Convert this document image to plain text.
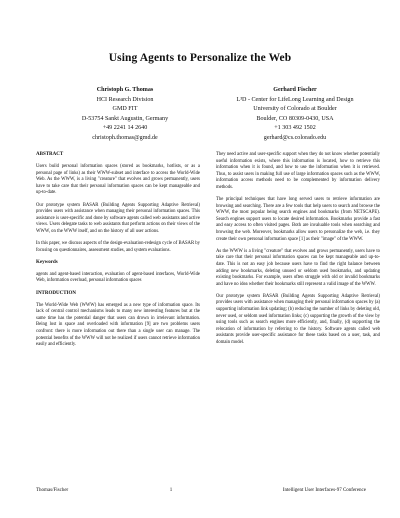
Using Agents to Personalize the Web
Christoph G. Thomas
HCI Research Division
GMD FIT
D-53754 Sankt Augustin, Germany
+49 2241 14 2640
christoph.thomas@gmd.de
Gerhard Fischer
L³D - Center for LifeLong Learning and Design
University of Colorado at Boulder
Boulder, CO 80309-0430, USA
+1 303 492 1502
gerhard@cs.colorado.edu

ABSTRACT

Users build personal information spaces (stored as bookmarks, hotlists, or as a personal page of links) as their WWW-subset and interface to access the World-Wide Web. As the WWW, is a living "creature" that evolves and grows permanently, users have to take care that their personal information spaces can be kept manageable and up-to-date.

Our prototype system BASAR (Building Agents Supporting Adaptive Retrieval) provides users with assistance when managing their personal information spaces. This assistance is user-specific and done by software agents called web assistants and active views. Users delegate tasks to web assistants that perform actions on their views of the WWW, on the WWW itself, and on the history of all user actions.

In this paper, we discuss aspects of the design-evaluation-redesign cycle of BASAR by focusing on questionnaires, assessment studies, and system evaluations.

Keywords

agents and agent-based interaction, evaluation of agent-based interfaces, World-Wide Web, information overload, personal information spaces

INTRODUCTION

The World-Wide Web (WWW) has emerged as a new type of information space. Its lack of central control mechanisms leads to many new interesting features but at the same time has the potential danger that users can drown in irrelevant information. Being lost in space and overloaded with information [9] are two problems users confront: there is more information out there than a single user can manage. The potential benefits of the WWW will not be realized if users cannot retrieve information easily and efficiently.

They need active and user-specific support when they do not know whether potentially useful information exists, where this information is located, how to retrieve this information when it is found, and how to use the information when it is retrieved. Thus, to assist users in making full use of large information spaces such as the WWW, information access methods need to be complemented by information delivery methods.

The principal techniques that have long served users to retrieve information are browsing and searching. There are a few tools that help users to search and browse the WWW, the most popular being search engines and bookmarks (from NETSCAPE). Search engines support users to locate desired information. Bookmarks provide a fast and easy access to often visited pages. Both are invaluable tools when searching and browsing the web. Moreover, bookmarks allow users to personalize the web, i.e. they create their own personal information space [1] as their "image" of the WWW.

As the WWW is a living "creature" that evolves and grows permanently, users have to take care that their personal information spaces can be kept manageable and up-to-date. This is not an easy job because users have to find the right balance between adding new bookmarks, deleting unused or seldom used bookmarks, and updating existing bookmarks. For example, users often struggle with old or invalid bookmarks and have no idea whether their bookmarks still represent a valid image of the WWW.

Our prototype system BASAR (Building Agents Supporting Adaptive Retrieval) provides users with assistance when managing their personal information spaces by (a) supporting information link updating; (b) reducing the number of links by deleting old, never used, or seldom used information links; (c) supporting the growth of the view by using tools such as search engines more efficiently, and, finally, (d) supporting the relocation of information by referring to the history. Software agents called web assistants provide user-specific assistance for these tasks based on a user, task, and domain model.

Thomas/Fischer	1	Intelligent User Interfaces-97 Conference
